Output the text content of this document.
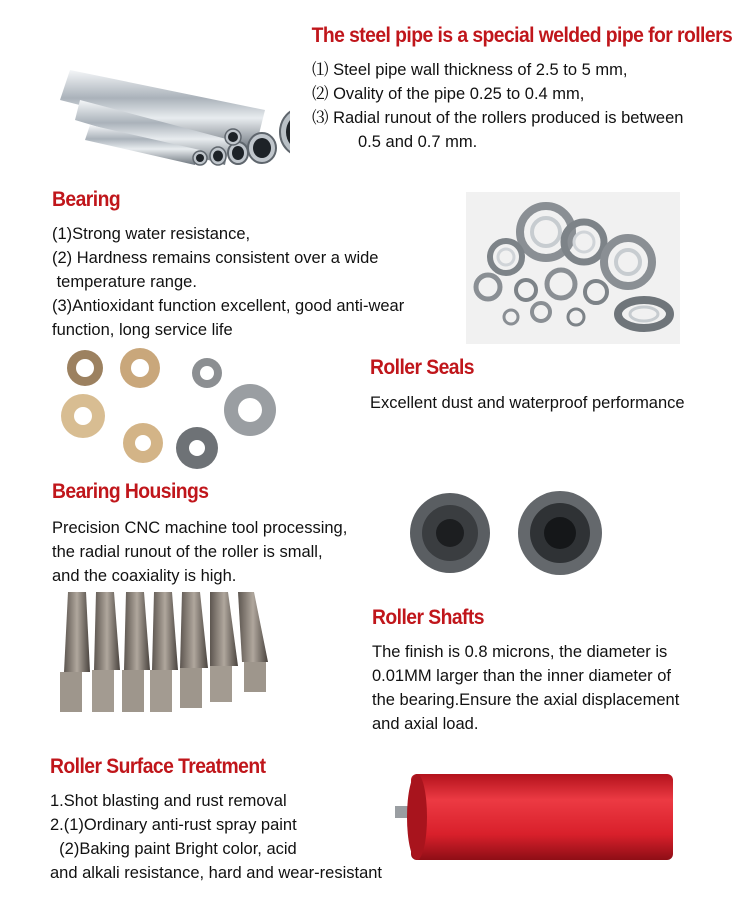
The steel pipe is a special welded pipe for rollers
⑴ Steel pipe wall thickness of 2.5 to 5 mm,
⑵ Ovality of the pipe 0.25 to 0.4 mm,
⑶ Radial runout of the rollers produced is between
0.5 and 0.7 mm.
Bearing
(1)Strong water resistance,
(2) Hardness remains consistent over a wide
temperature range.
(3)Antioxidant function excellent, good anti-wear
function, long service life
Roller Seals
Excellent dust and waterproof performance
Bearing Housings
Precision CNC machine tool processing,
the radial runout of the roller is small,
and the coaxiality is high.
Roller Shafts
The finish is 0.8 microns, the diameter is
0.01MM larger than the inner diameter of
the bearing.Ensure the axial displacement
and axial load.
Roller Surface Treatment
1.Shot blasting and rust removal
2.(1)Ordinary anti-rust spray paint
(2)Baking paint Bright color, acid
and alkali resistance, hard and wear-resistant
